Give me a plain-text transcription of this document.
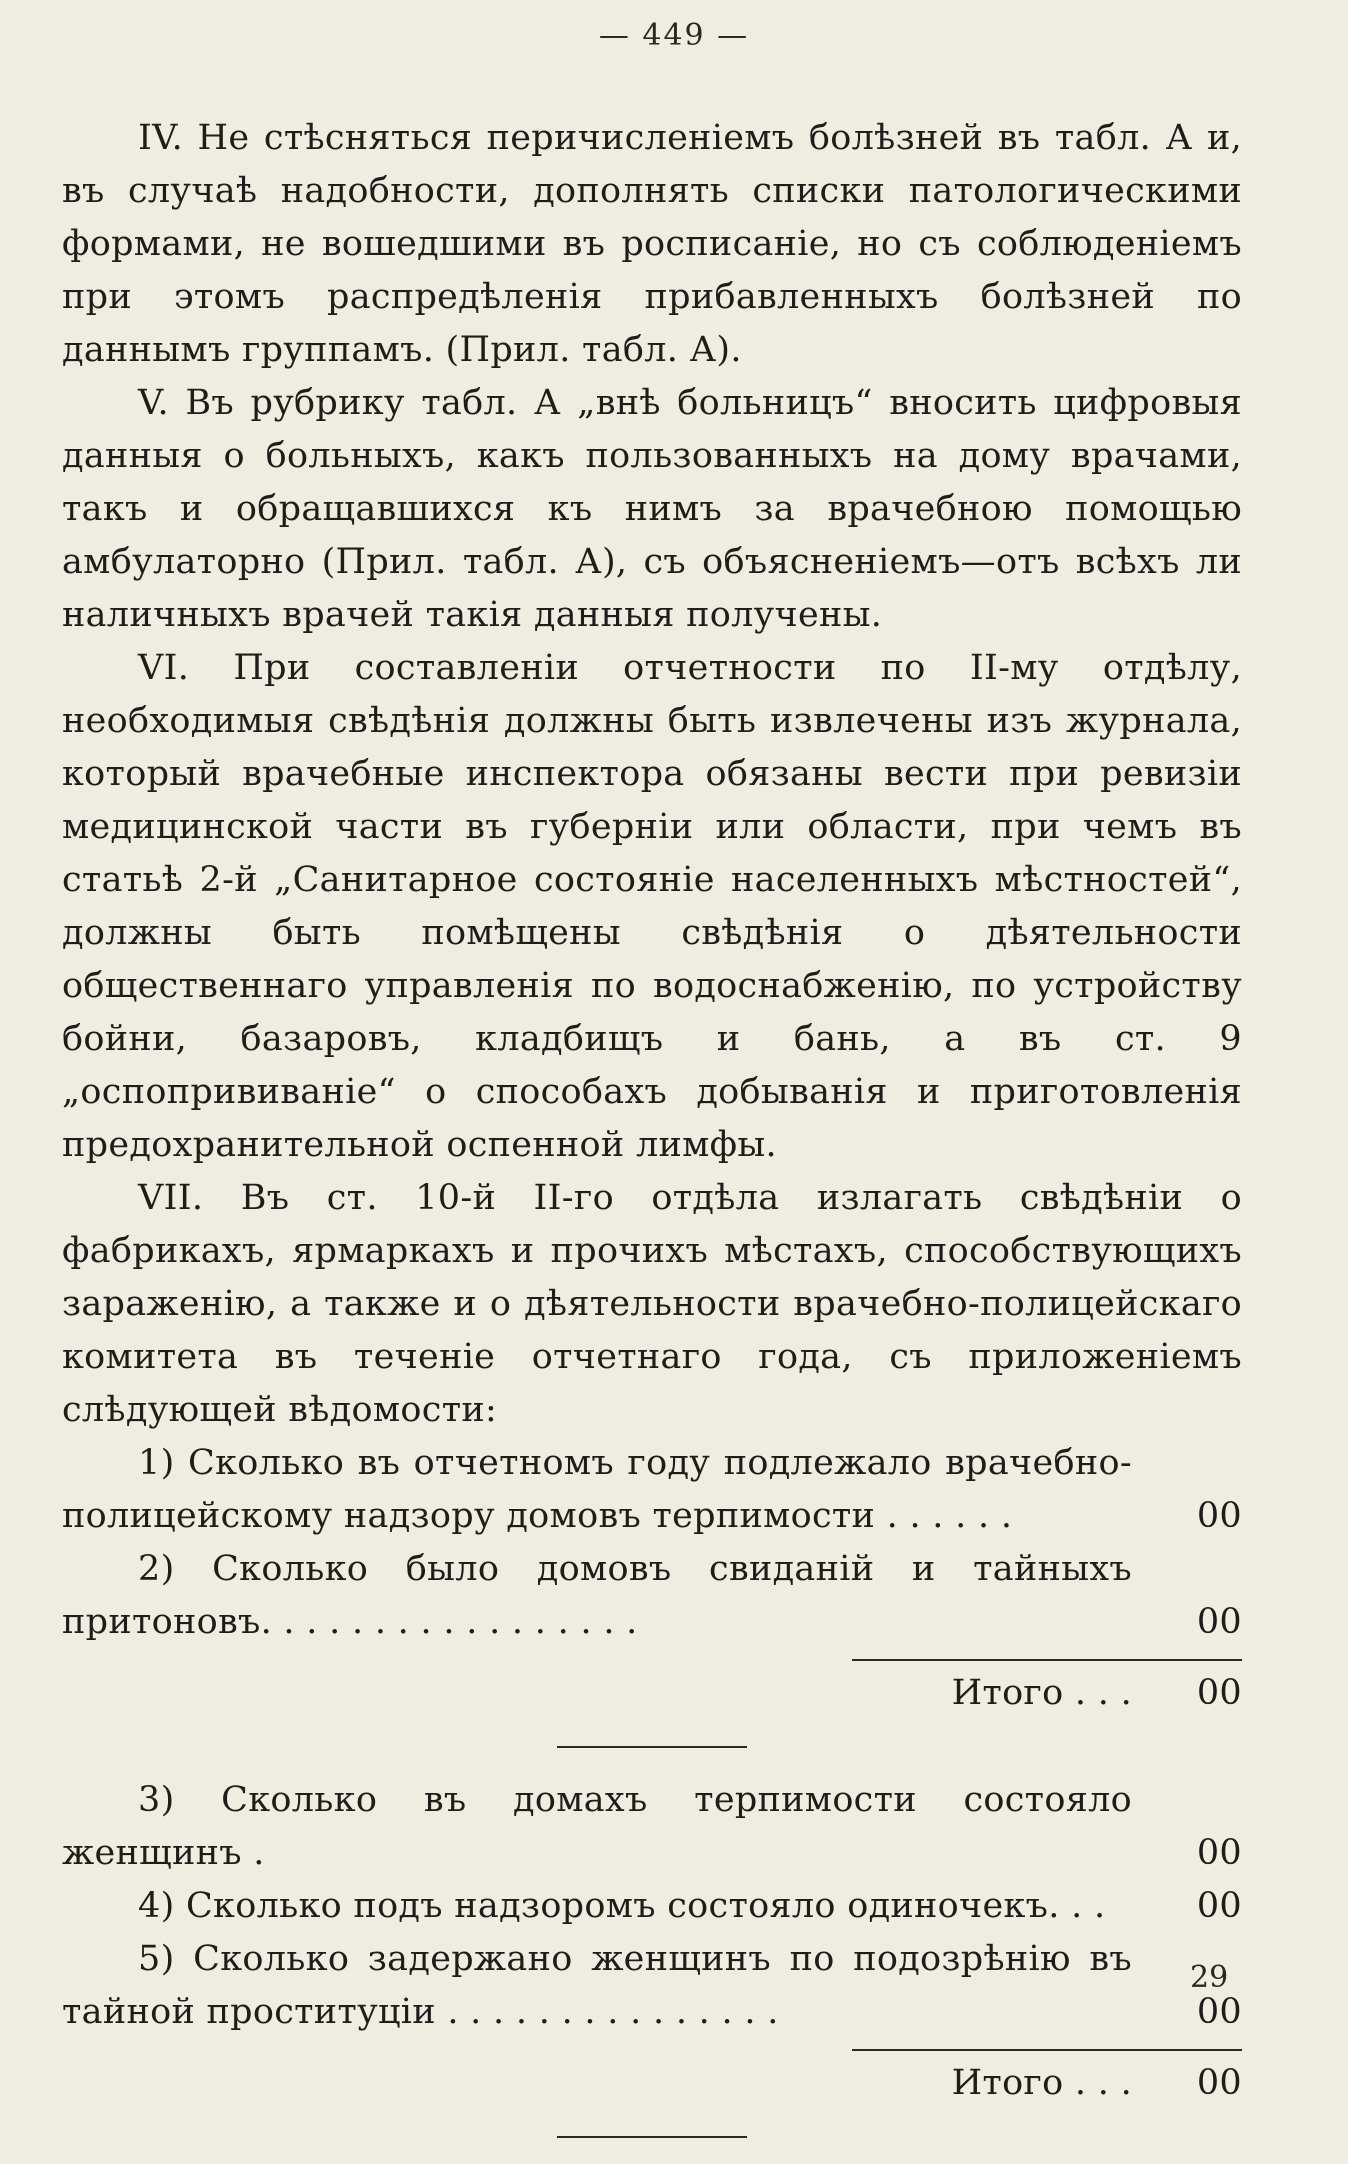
— 449 —

IV. Не стѣсняться перичисленіемъ болѣзней въ табл. А и, въ случаѣ надобности, дополнять списки патологическими формами, не вошедшими въ росписаніе, но съ соблюденіемъ при этомъ распредѣленія прибавленныхъ болѣзней по даннымъ группамъ. (Прил. табл. А).

V. Въ рубрику табл. А „внѣ больницъ“ вносить цифровыя данныя о больныхъ, какъ пользованныхъ на дому врачами, такъ и обращавшихся къ нимъ за врачебною помощью амбулаторно (Прил. табл. А), съ объясненіемъ—отъ всѣхъ ли наличныхъ врачей такія данныя получены.

VI. При составленіи отчетности по II-му отдѣлу, необходимыя свѣдѣнія должны быть извлечены изъ журнала, который врачебные инспектора обязаны вести при ревизіи медицинской части въ губерніи или области, при чемъ въ статьѣ 2-й „Санитарное состояніе населенныхъ мѣстностей“, должны быть помѣщены свѣдѣнія о дѣятельности общественнаго управленія по водоснабженію, по устройству бойни, базаровъ, кладбищъ и бань, а въ ст. 9 „оспопрививаніе“ о способахъ добыванія и приготовленія предохранительной оспенной лимфы.

VII. Въ ст. 10-й II-го отдѣла излагать свѣдѣніи о фабрикахъ, ярмаркахъ и прочихъ мѣстахъ, способствующихъ зараженію, а также и о дѣятельности врачебно-полицейскаго комитета въ теченіе отчетнаго года, съ приложеніемъ слѣдующей вѣдомости:

1) Сколько въ отчетномъ году подлежало врачебно-полицейскому надзору домовъ терпимости . . . . . .	00
2) Сколько было домовъ свиданій и тайныхъ притоновъ. . . . . . . . . . . . . . . . .	00
Итого . . . 00
3) Сколько въ домахъ терпимости состояло женщинъ .	00
4) Сколько подъ надзоромъ состояло одиночекъ. . .	00
5) Сколько задержано женщинъ по подозрѣнію въ тайной проституціи . . . . . . . . . . . . . . .	00
Итого . . . 00
29
